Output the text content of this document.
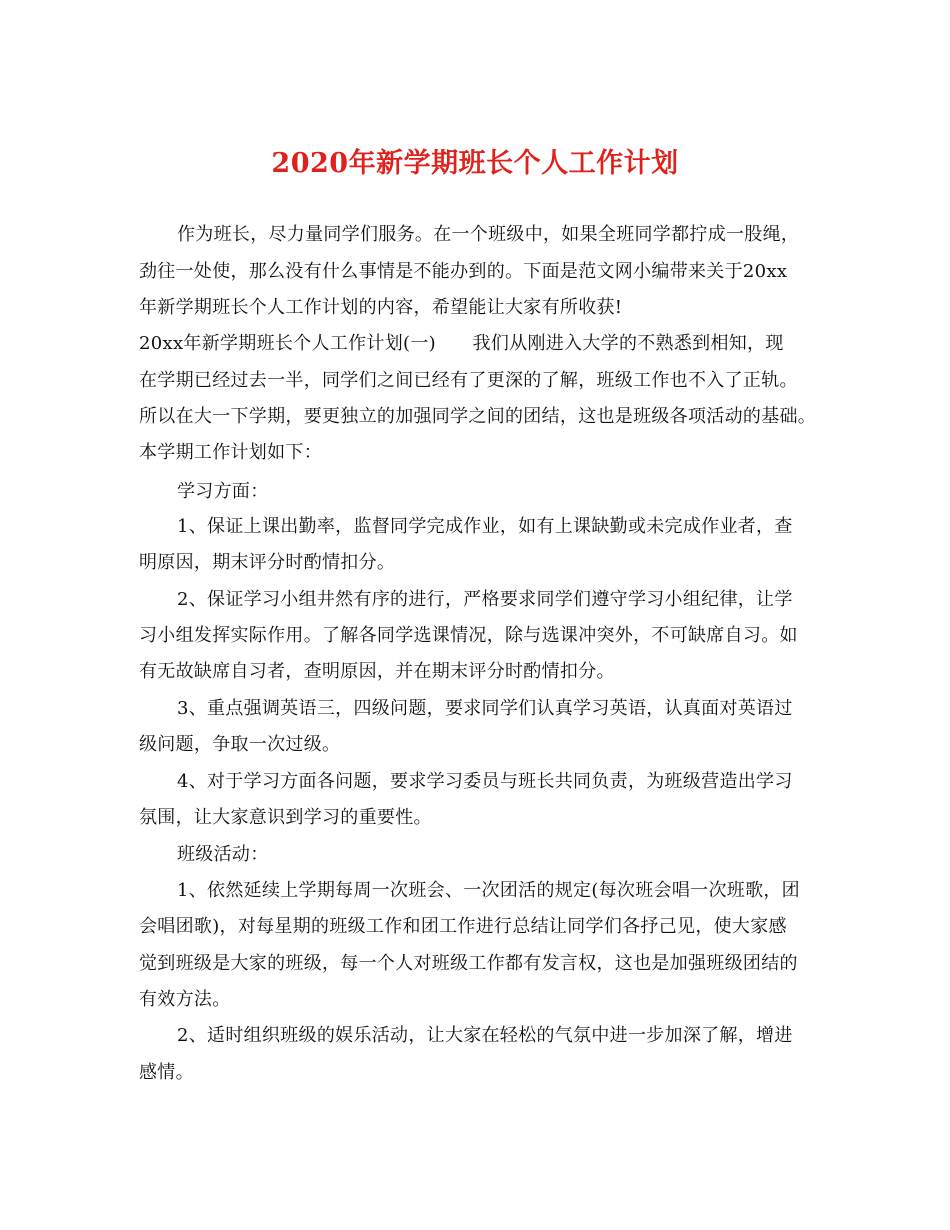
2020年新学期班长个人工作计划
作为班长，尽力量同学们服务。在一个班级中，如果全班同学都拧成一股绳，
劲往一处使，那么没有什么事情是不能办到的。下面是范文网小编带来关于20xx
年新学期班长个人工作计划的内容，希望能让大家有所收获!
20xx年新学期班长个人工作计划(一)　　我们从刚进入大学的不熟悉到相知，现
在学期已经过去一半，同学们之间已经有了更深的了解，班级工作也不入了正轨。
所以在大一下学期，要更独立的加强同学之间的团结，这也是班级各项活动的基础。
本学期工作计划如下：
学习方面：
1、保证上课出勤率，监督同学完成作业，如有上课缺勤或未完成作业者，查
明原因，期末评分时酌情扣分。
2、保证学习小组井然有序的进行，严格要求同学们遵守学习小组纪律，让学
习小组发挥实际作用。了解各同学选课情况，除与选课冲突外，不可缺席自习。如
有无故缺席自习者，查明原因，并在期末评分时酌情扣分。
3、重点强调英语三，四级问题，要求同学们认真学习英语，认真面对英语过
级问题，争取一次过级。
4、对于学习方面各问题，要求学习委员与班长共同负责，为班级营造出学习
氛围，让大家意识到学习的重要性。
班级活动：
1、依然延续上学期每周一次班会、一次团活的规定(每次班会唱一次班歌，团
会唱团歌)，对每星期的班级工作和团工作进行总结让同学们各抒己见，使大家感
觉到班级是大家的班级，每一个人对班级工作都有发言权，这也是加强班级团结的
有效方法。
2、适时组织班级的娱乐活动，让大家在轻松的气氛中进一步加深了解，增进
感情。
